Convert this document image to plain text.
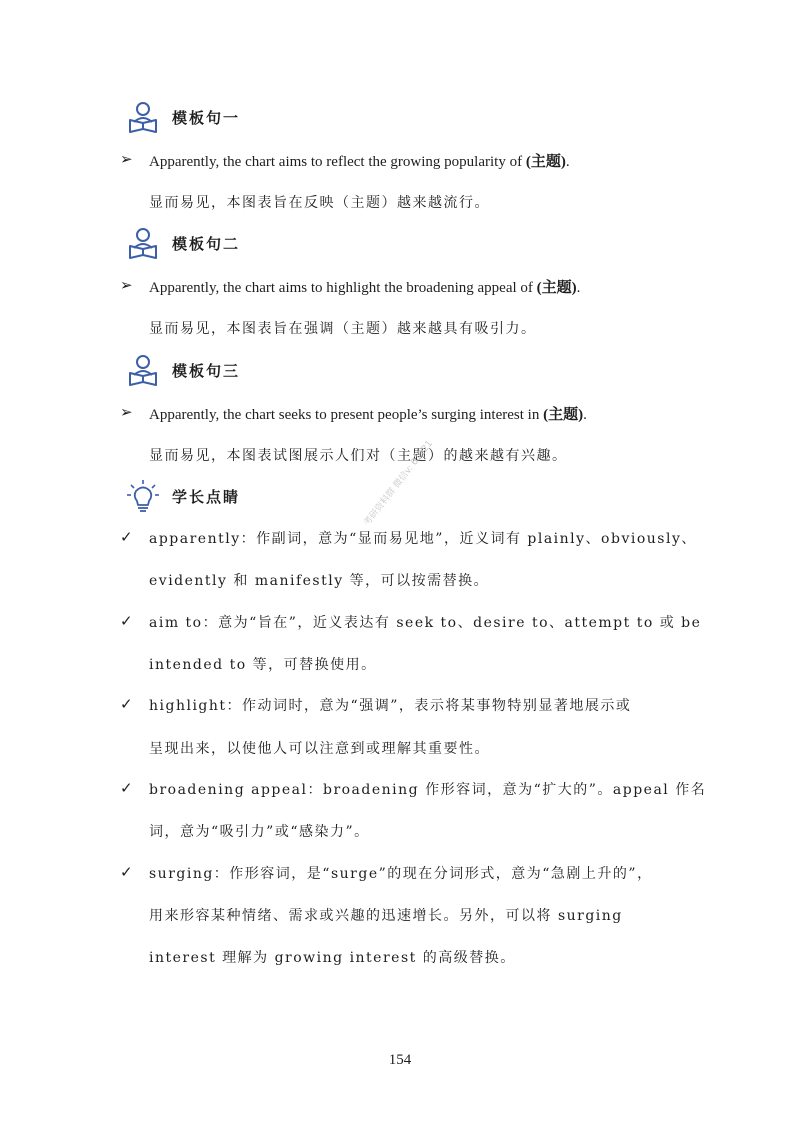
模板句一
➢ Apparently, the chart aims to reflect the growing popularity of (主题).
显而易见，本图表旨在反映（主题）越来越流行。
模板句二
➢ Apparently, the chart aims to highlight the broadening appeal of (主题).
显而易见，本图表旨在强调（主题）越来越具有吸引力。
模板句三
➢ Apparently, the chart seeks to present people’s surging interest in (主题).
显而易见，本图表试图展示人们对（主题）的越来越有兴趣。
学长点睛
✓ apparently：作副词，意为“显而易见地”，近义词有 plainly、obviously、
evidently 和 manifestly 等，可以按需替换。
✓ aim to：意为“旨在”，近义表达有 seek to、desire to、attempt to 或 be
intended to 等，可替换使用。
✓ highlight：作动词时，意为“强调”，表示将某事物特别显著地展示或
呈现出来，以使他人可以注意到或理解其重要性。
✓ broadening appeal：broadening 作形容词，意为“扩大的”。appeal 作名
词，意为“吸引力”或“感染力”。
✓ surging：作形容词，是“surge”的现在分词形式，意为“急剧上升的”，
用来形容某种情绪、需求或兴趣的迅速增长。另外，可以将 surging
interest 理解为 growing interest 的高级替换。
考研资料群 微信v: 61121
154
